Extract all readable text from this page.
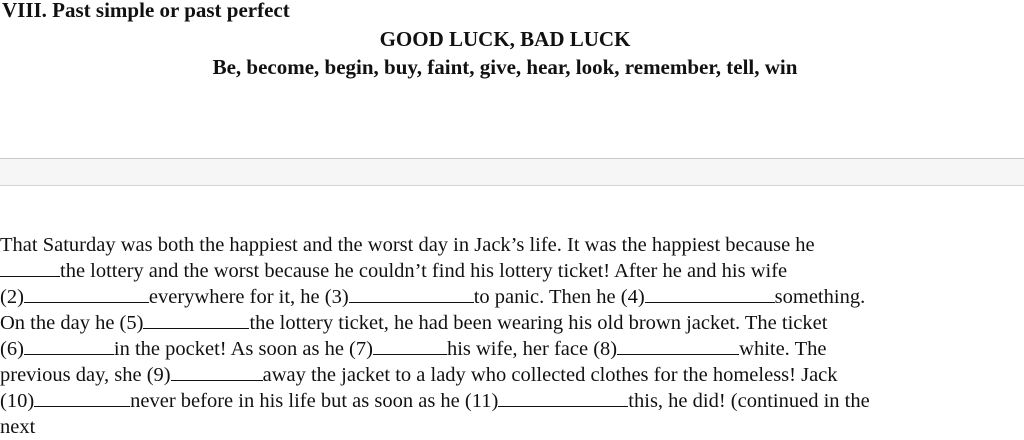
VIII. Past simple or past perfect
GOOD LUCK, BAD LUCK
Be, become, begin, buy, faint, give, hear, look, remember, tell, win
That Saturday was both the happiest and the worst day in Jack’s life. It was the happiest because he
the lottery and the worst because he couldn’t find his lottery ticket! After he and his wife
(2)	everywhere for it, he (3)	to panic. Then he (4)	something.
On the day he (5)	the lottery ticket, he had been wearing his old brown jacket. The ticket
(6)	in the pocket! As soon as he (7)	his wife, her face (8)	white. The
previous day, she (9)	away the jacket to a lady who collected clothes for the homeless! Jack
(10)	never before in his life but as soon as he (11)	this, he did! (continued in the
next
